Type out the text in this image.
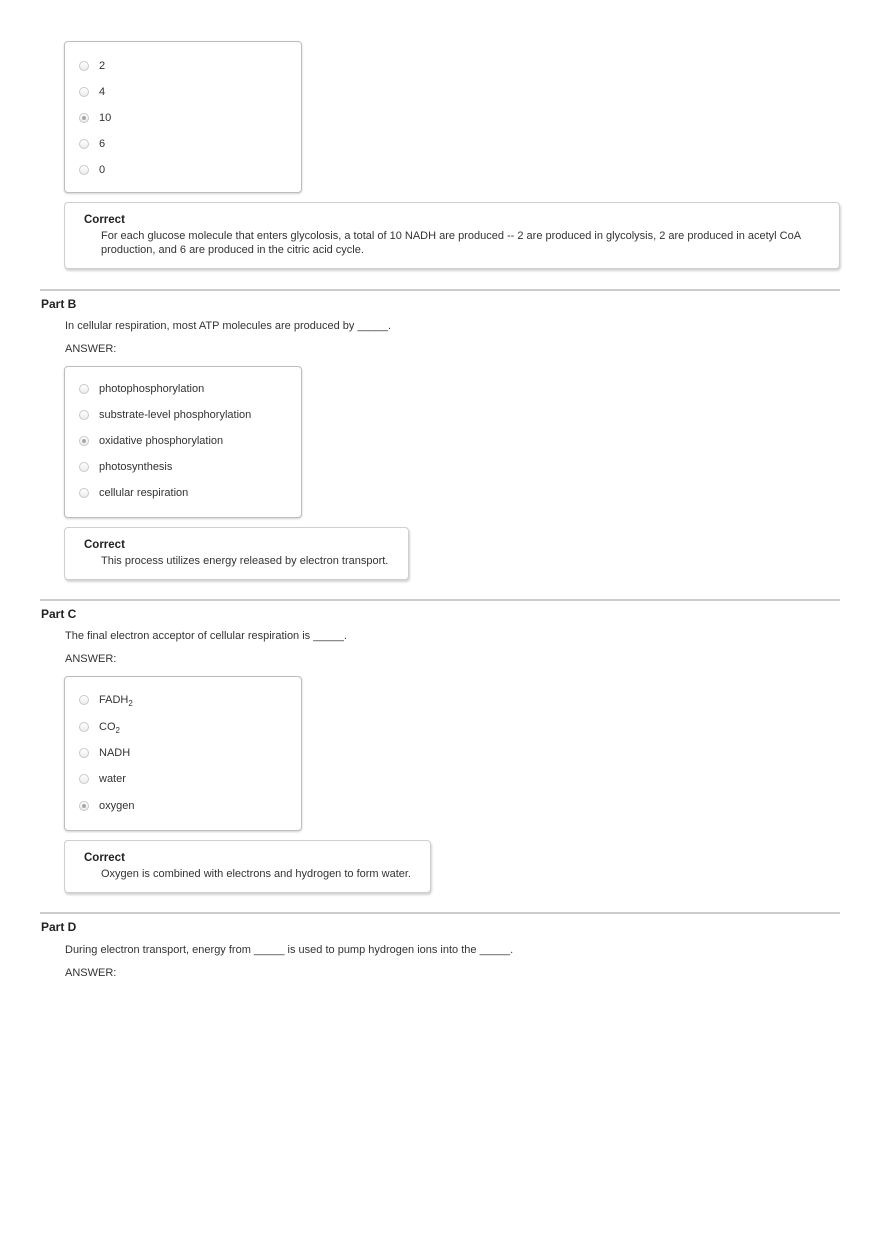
2
4
10
6
0
Correct
For each glucose molecule that enters glycolosis, a total of 10 NADH are produced -- 2 are produced in glycolysis, 2 are produced in acetyl CoA
production, and 6 are produced in the citric acid cycle.
Part B
In cellular respiration, most ATP molecules are produced by _____.
ANSWER:
photophosphorylation
substrate-level phosphorylation
oxidative phosphorylation
photosynthesis
cellular respiration
Correct
This process utilizes energy released by electron transport.
Part C
The final electron acceptor of cellular respiration is _____.
ANSWER:
$FADH_2$
$CO_2$
NADH
water
oxygen
Correct
Oxygen is combined with electrons and hydrogen to form water.
Part D
During electron transport, energy from _____ is used to pump hydrogen ions into the _____.
ANSWER:
